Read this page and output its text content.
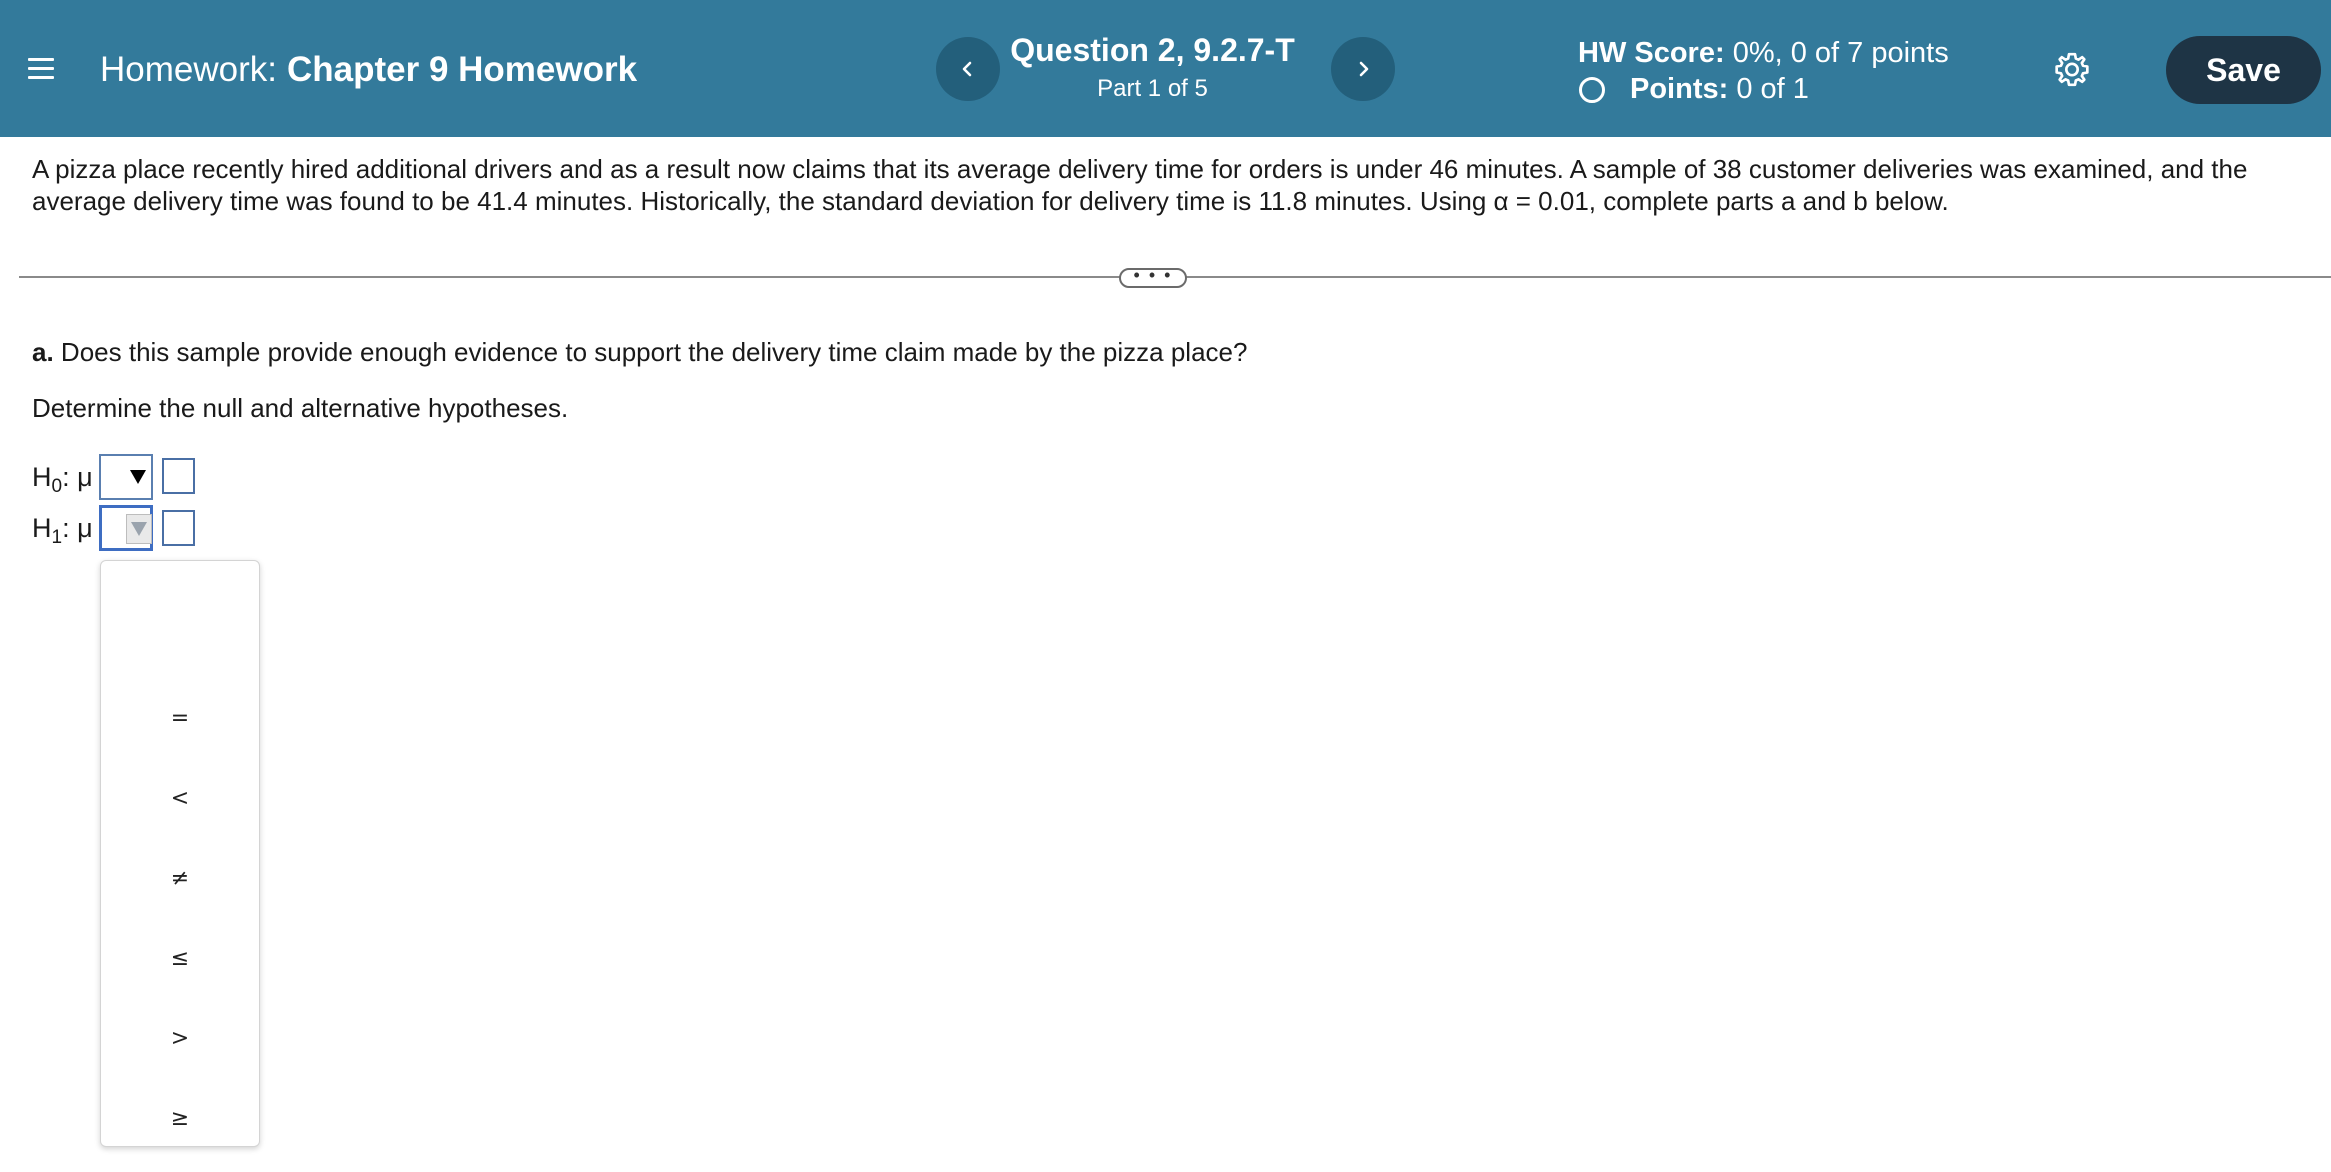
Homework: Chapter 9 Homework	Question 2, 9.2.7-T
Part 1 of 5
HW Score: 0%, 0 of 7 points
Points: 0 of 1
Save
A pizza place recently hired additional drivers and as a result now claims that its average delivery time for orders is under 46 minutes. A sample of 38 customer deliveries was examined, and the
average delivery time was found to be 41.4 minutes. Historically, the standard deviation for delivery time is 11.8 minutes. Using α = 0.01, complete parts a and b below.
• • •
a. Does this sample provide enough evidence to support the delivery time claim made by the pizza place?
Determine the null and alternative hypotheses.
$H_0$: μ
$H_1$: μ
=
<
≠
≤
>
≥
